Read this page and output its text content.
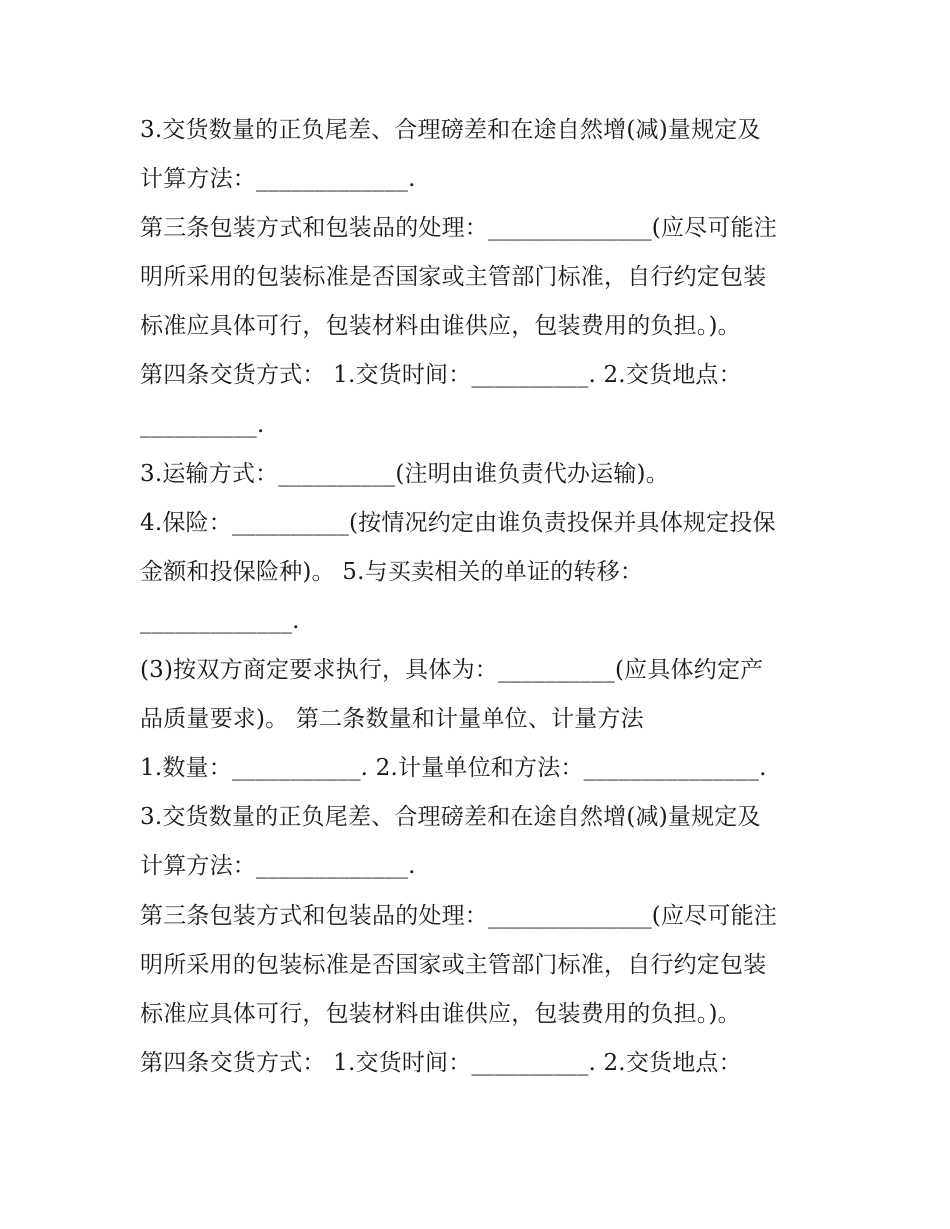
3.交货数量的正负尾差、合理磅差和在途自然增(减)量规定及
计算方法：_____________.
第三条包装方式和包装品的处理：______________(应尽可能注
明所采用的包装标准是否国家或主管部门标准，自行约定包装
标准应具体可行，包装材料由谁供应，包装费用的负担。)。
第四条交货方式： 1.交货时间：__________. 2.交货地点：
__________.
3.运输方式：__________(注明由谁负责代办运输)。
4.保险：__________(按情况约定由谁负责投保并具体规定投保
金额和投保险种)。 5.与买卖相关的单证的转移：
_____________.
(3)按双方商定要求执行，具体为：__________(应具体约定产
品质量要求)。 第二条数量和计量单位、计量方法
1.数量：___________. 2.计量单位和方法：_______________.
3.交货数量的正负尾差、合理磅差和在途自然增(减)量规定及
计算方法：_____________.
第三条包装方式和包装品的处理：______________(应尽可能注
明所采用的包装标准是否国家或主管部门标准，自行约定包装
标准应具体可行，包装材料由谁供应，包装费用的负担。)。
第四条交货方式： 1.交货时间：__________. 2.交货地点：
